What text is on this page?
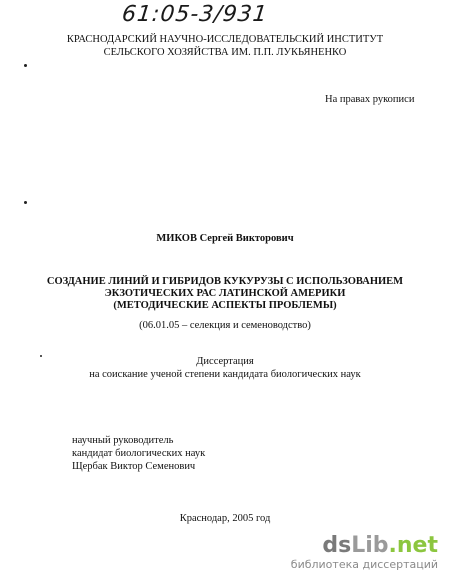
61:05-3/931
КРАСНОДАРСКИЙ НАУЧНО-ИССЛЕДОВАТЕЛЬСКИЙ ИНСТИТУТ
СЕЛЬСКОГО ХОЗЯЙСТВА ИМ. П.П. ЛУКЬЯНЕНКО
На правах рукописи
МИКОВ Сергей Викторович
СОЗДАНИЕ ЛИНИЙ И ГИБРИДОВ КУКУРУЗЫ С ИСПОЛЬЗОВАНИЕМ
ЭКЗОТИЧЕСКИХ РАС ЛАТИНСКОЙ АМЕРИКИ
(МЕТОДИЧЕСКИЕ АСПЕКТЫ ПРОБЛЕМЫ)
(06.01.05 – селекция и семеноводство)
Диссертация
на соискание ученой степени кандидата биологических наук
научный руководитель
кандидат биологических наук
Щербак Виктор Семенович
Краснодар, 2005 год
dsLib.net
библиотека диссертаций
